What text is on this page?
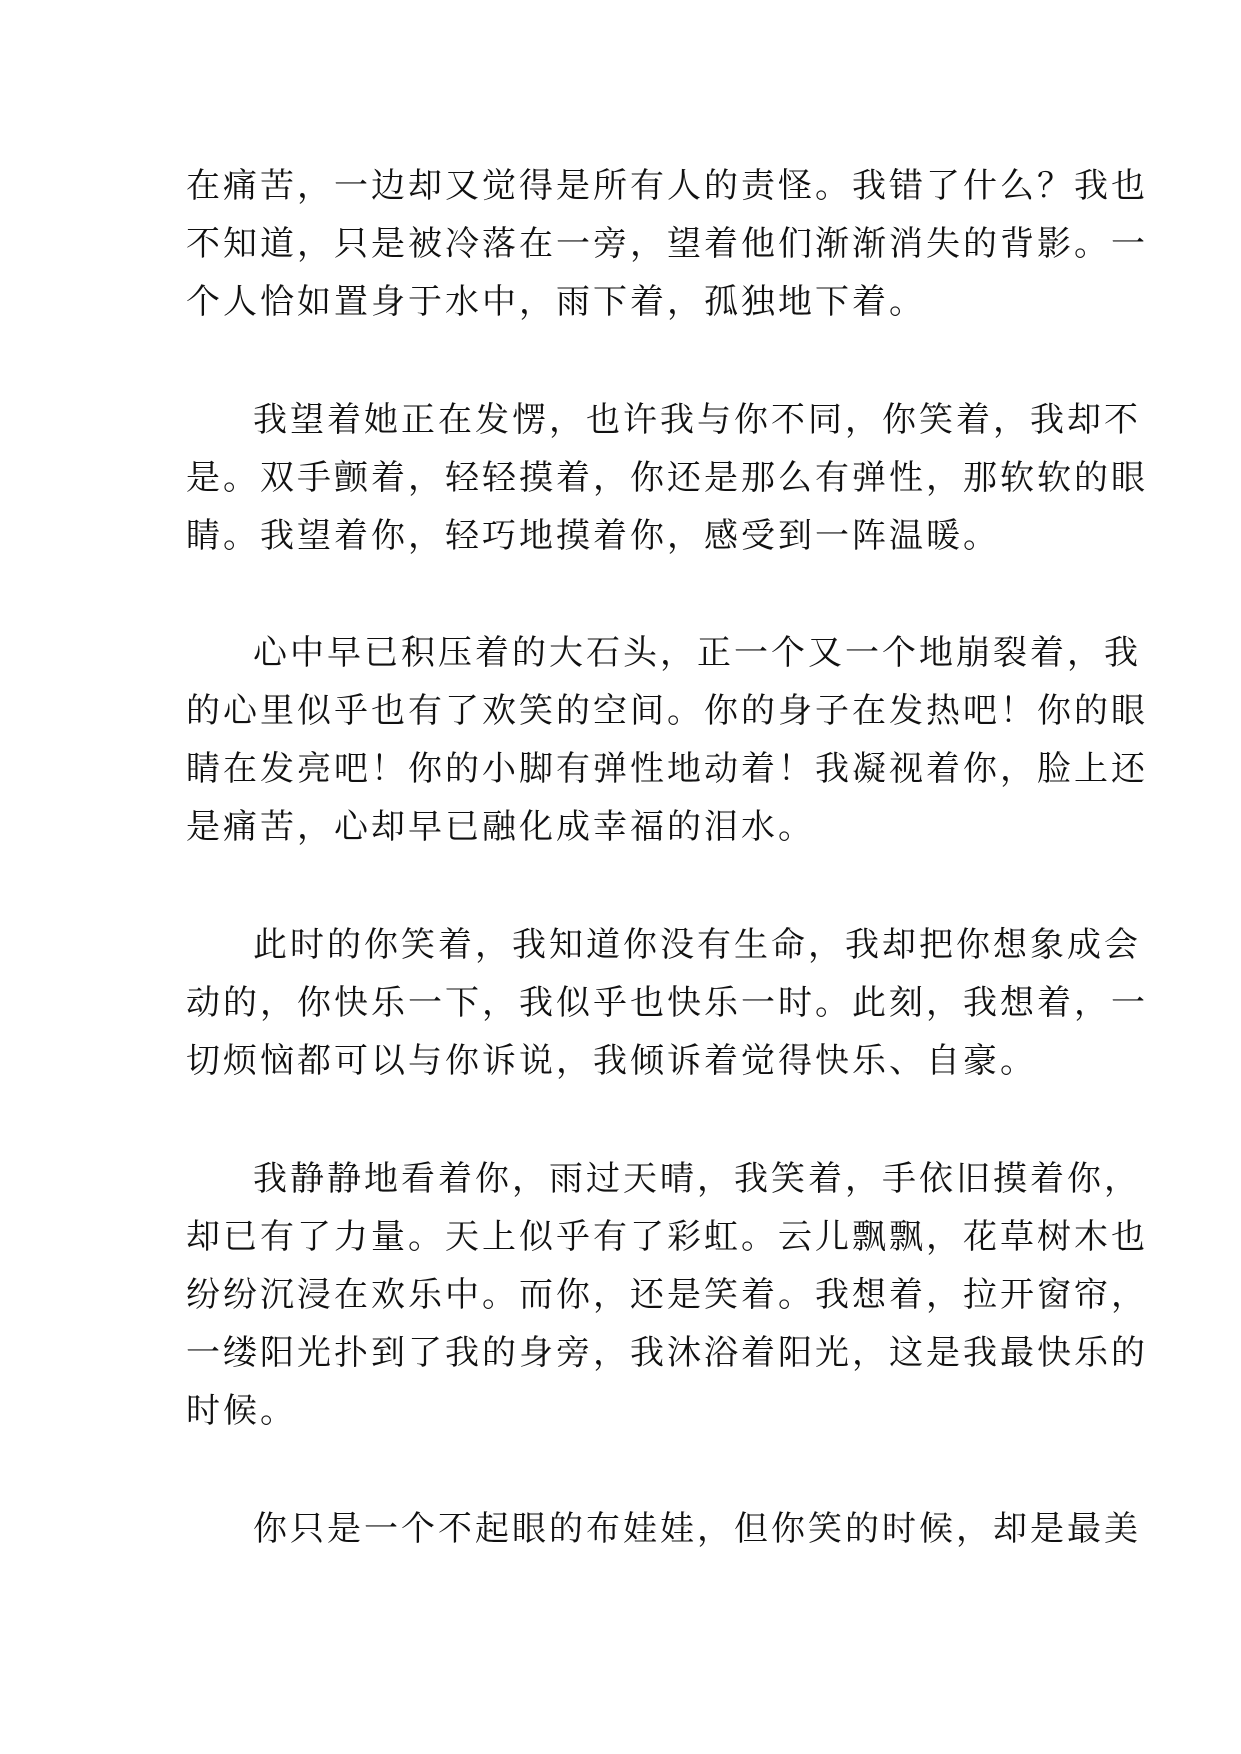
在痛苦，一边却又觉得是所有人的责怪。我错了什么？我也
不知道，只是被冷落在一旁，望着他们渐渐消失的背影。一
个人恰如置身于水中，雨下着，孤独地下着。
我望着她正在发愣，也许我与你不同，你笑着，我却不
是。双手颤着，轻轻摸着，你还是那么有弹性，那软软的眼
睛。我望着你，轻巧地摸着你，感受到一阵温暖。
心中早已积压着的大石头，正一个又一个地崩裂着，我
的心里似乎也有了欢笑的空间。你的身子在发热吧！你的眼
睛在发亮吧！你的小脚有弹性地动着！我凝视着你，脸上还
是痛苦，心却早已融化成幸福的泪水。
此时的你笑着，我知道你没有生命，我却把你想象成会
动的，你快乐一下，我似乎也快乐一时。此刻，我想着，一
切烦恼都可以与你诉说，我倾诉着觉得快乐、自豪。
我静静地看着你，雨过天晴，我笑着，手依旧摸着你，
却已有了力量。天上似乎有了彩虹。云儿飘飘，花草树木也
纷纷沉浸在欢乐中。而你，还是笑着。我想着，拉开窗帘，
一缕阳光扑到了我的身旁，我沐浴着阳光，这是我最快乐的
时候。
你只是一个不起眼的布娃娃，但你笑的时候，却是最美
